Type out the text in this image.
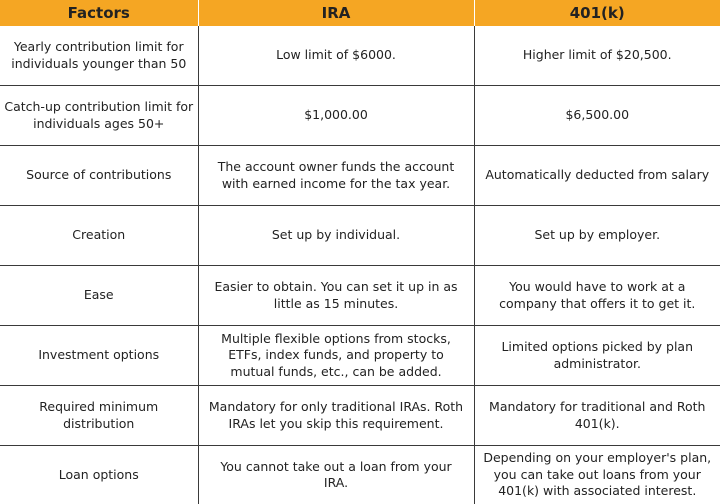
Factors	IRA	401(k)
Yearly contribution limit for individuals younger than 50	Low limit of $6000.	Higher limit of $20,500.
Catch-up contribution limit for individuals ages 50+	$1,000.00	$6,500.00
Source of contributions	The account owner funds the account with earned income for the tax year.	Automatically deducted from salary
Creation	Set up by individual.	Set up by employer.
Ease	Easier to obtain. You can set it up in as little as 15 minutes.	You would have to work at a company that offers it to get it.
Investment options	Multiple flexible options from stocks, ETFs, index funds, and property to mutual funds, etc., can be added.	Limited options picked by plan administrator.
Required minimum distribution	Mandatory for only traditional IRAs. Roth IRAs let you skip this requirement.	Mandatory for traditional and Roth 401(k).
Loan options	You cannot take out a loan from your IRA.	Depending on your employer's plan, you can take out loans from your 401(k) with associated interest.
